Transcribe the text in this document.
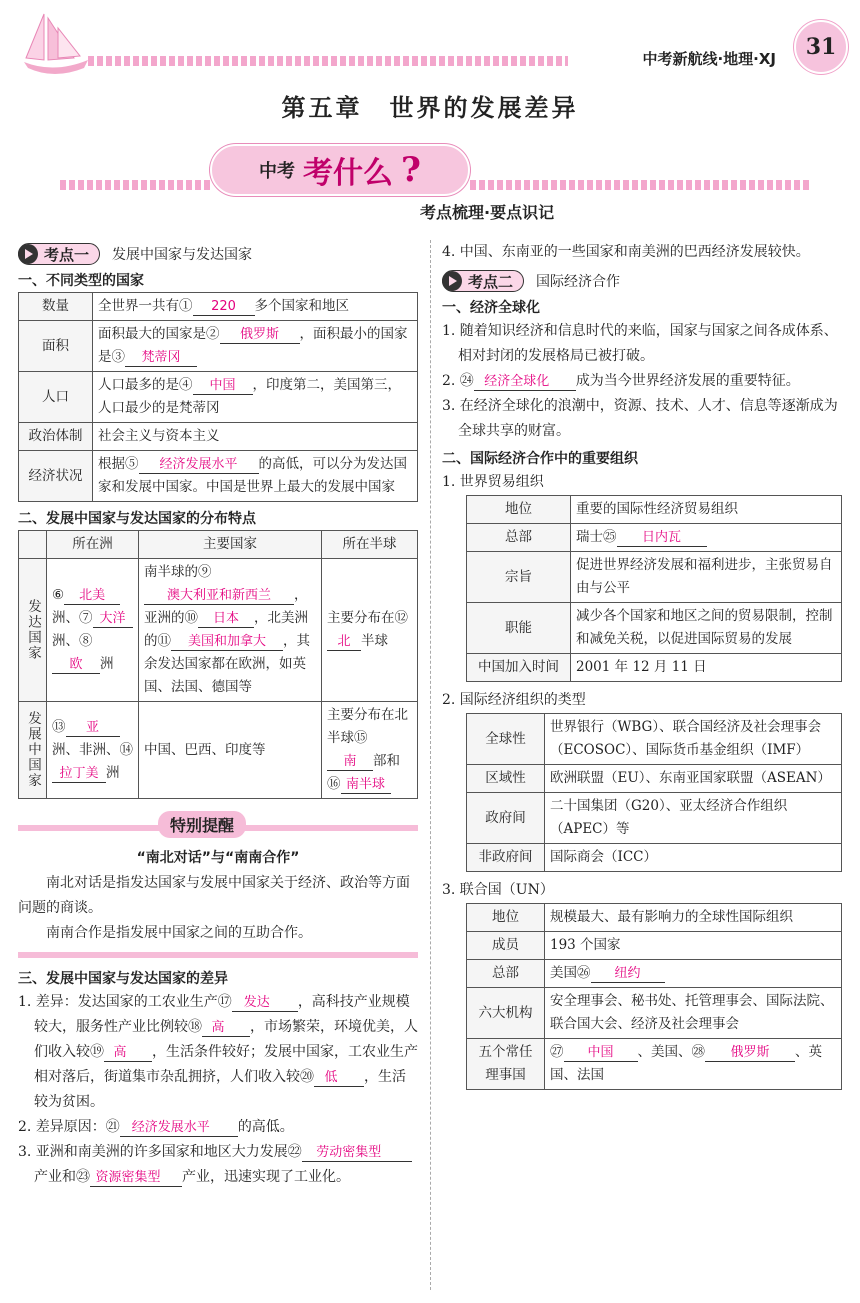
中考新航线·地理·XJ	31
第五章　世界的发展差异
中考 考什么 ?
考点梳理·要点识记
考点一 发展中国家与发达国家
一、不同类型的国家
数量	全世界一共有① 220 多个国家和地区
面积	面积最大的国家是② 俄罗斯 ，面积最小的国家是③ 梵蒂冈
人口	人口最多的是④ 中国 ，印度第二，美国第三，人口最少的是梵蒂冈
政治体制	社会主义与资本主义
经济状况	根据⑤ 经济发展水平 的高低，可以分为发达国家和发展中国家。中国是世界上最大的发展中国家
二、发展中国家与发达国家的分布特点
	所在洲	主要国家	所在半球
发达国家	⑥ 北美洲、⑦ 大洋洲、⑧欧 洲	南半球的⑨澳大利亚和新西兰 ，亚洲的⑩ 日本 ，北美洲的⑪ 美国和加拿大 ，其余发达国家都在欧洲，如英国、法国、德国等	主要分布在⑫北 半球
发展中国家	⑬ 亚洲、非洲、⑭拉丁美 洲	中国、巴西、印度等	主要分布在北半球⑮南 部和⑯ 南半球
特别提醒
“南北对话”与“南南合作”

南北对话是指发达国家与发展中国家关于经济、政治等方面问题的商谈。

南南合作是指发展中国家之间的互助合作。

三、发展中国家与发达国家的差异

1. 差异：发达国家的工农业生产⑰ 发达 ，高科技产业规模较大，服务性产业比例较⑱ 高 ，市场繁荣，环境优美，人们收入较⑲ 高 ，生活条件较好；发展中国家，工农业生产相对落后，街道集市杂乱拥挤，人们收入较⑳ 低 ，生活较为贫困。

2. 差异原因：㉑ 经济发展水平 的高低。

3. 亚洲和南美洲的许多国家和地区大力发展㉒ 劳动密集型产业和㉓ 资源密集型 产业，迅速实现了工业化。

4. 中国、东南亚的一些国家和南美洲的巴西经济发展较快。

考点二 国际经济合作
一、经济全球化

1. 随着知识经济和信息时代的来临，国家与国家之间各成体系、相对封闭的发展格局已被打破。

2. ㉔ 经济全球化 成为当今世界经济发展的重要特征。

3. 在经济全球化的浪潮中，资源、技术、人才、信息等逐渐成为全球共享的财富。

二、国际经济合作中的重要组织

1. 世界贸易组织

地位	重要的国际性经济贸易组织
总部	瑞士㉕ 日内瓦
宗旨	促进世界经济发展和福利进步，主张贸易自由与公平
职能	减少各个国家和地区之间的贸易限制，控制和减免关税，以促进国际贸易的发展
中国加入时间	2001 年 12 月 11 日

2. 国际经济组织的类型

全球性	世界银行（WBG）、联合国经济及社会理事会（ECOSOC）、国际货币基金组织（IMF）
区域性	欧洲联盟（EU）、东南亚国家联盟（ASEAN）
政府间	二十国集团（G20）、亚太经济合作组织（APEC）等
非政府间	国际商会（ICC）

3. 联合国（UN）

地位	规模最大、最有影响力的全球性国际组织
成员	193 个国家
总部	美国㉖ 纽约
六大机构	安全理事会、秘书处、托管理事会、国际法院、联合国大会、经济及社会理事会
五个常任理事国	㉗ 中国 、美国、㉘ 俄罗斯 、英国、法国
